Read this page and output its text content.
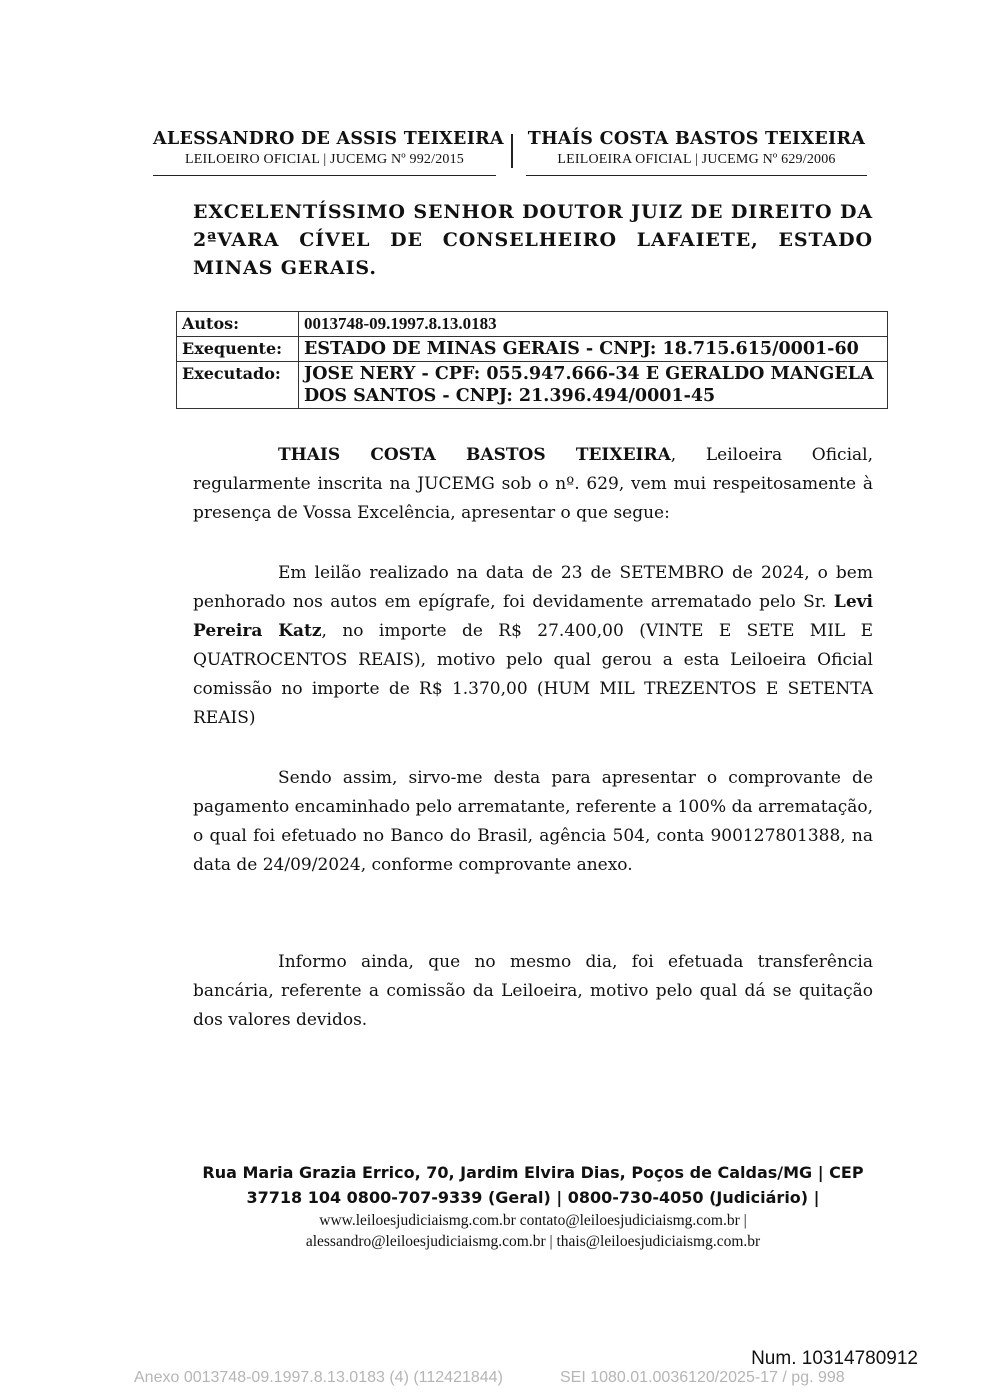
ALESSANDRO DE ASSIS TEIXEIRA
LEILOEIRO OFICIAL | JUCEMG Nº 992/2015
THAÍS COSTA BASTOS TEIXEIRA
LEILOEIRA OFICIAL | JUCEMG Nº 629/2006
EXCELENTÍSSIMO SENHOR DOUTOR JUIZ DE DIREITO DA 2ªVARA CÍVEL DE CONSELHEIRO LAFAIETE, ESTADO MINAS GERAIS.
Autos:	0013748-09.1997.8.13.0183
Exequente:	ESTADO DE MINAS GERAIS - CNPJ: 18.715.615/0001-60
Executado:	JOSE NERY - CPF: 055.947.666-34 E GERALDO MANGELA DOS SANTOS - CNPJ: 21.396.494/0001-45

THAIS COSTA BASTOS TEIXEIRA, Leiloeira Oficial, regularmente inscrita na JUCEMG sob o nº. 629, vem mui respeitosamente à presença de Vossa Excelência, apresentar o que segue:

Em leilão realizado na data de 23 de SETEMBRO de 2024, o bem penhorado nos autos em epígrafe, foi devidamente arrematado pelo Sr. Levi Pereira Katz, no importe de R$ 27.400,00 (VINTE E SETE MIL E QUATROCENTOS REAIS), motivo pelo qual gerou a esta Leiloeira Oficial comissão no importe de R$ 1.370,00 (HUM MIL TREZENTOS E SETENTA REAIS)

Sendo assim, sirvo-me desta para apresentar o comprovante de pagamento encaminhado pelo arrematante, referente a 100% da arrematação, o qual foi efetuado no Banco do Brasil, agência 504, conta 900127801388, na data de 24/09/2024, conforme comprovante anexo.

Informo ainda, que no mesmo dia, foi efetuada transferência bancária, referente a comissão da Leiloeira, motivo pelo qual dá se quitação dos valores devidos.

Rua Maria Grazia Errico, 70, Jardim Elvira Dias, Poços de Caldas/MG | CEP
37718 104 0800-707-9339 (Geral) | 0800-730-4050 (Judiciário) |
www.leiloesjudiciaismg.com.br contato@leiloesjudiciaismg.com.br |
alessandro@leiloesjudiciaismg.com.br | thais@leiloesjudiciaismg.com.br
Num. 10314780912
Anexo 0013748-09.1997.8.13.0183 (4) (112421844)	SEI 1080.01.0036120/2025-17 / pg. 998
